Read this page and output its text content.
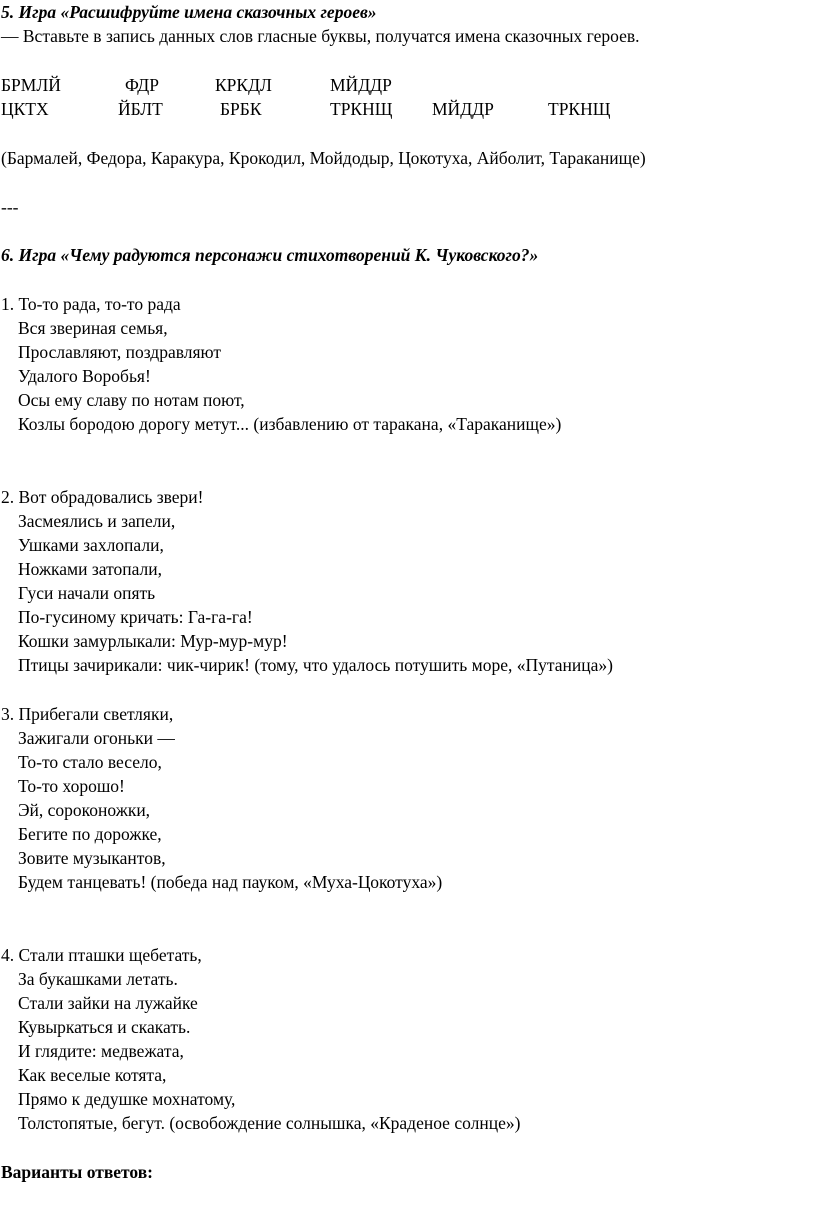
5. Игра «Расшифруйте имена сказочных героев»
— Вставьте в запись данных слов гласные буквы, получатся имена сказочных героев.
БРМЛЙ	ФДР	КРКДЛ	МЙДДР
ЦКТХ	ЙБЛТ	БРБК	ТРКНЩ МЙДДР	ТРКНЩ
(Бармалей, Федора, Каракура, Крокодил, Мойдодыр, Цокотуха, Айболит, Тараканище)
---
6. Игра «Чему радуются персонажи стихотворений К. Чуковского?»
1. То-то рада, то-то рада
Вся звериная семья,
Прославляют, поздравляют
Удалого Воробья!
Осы ему славу по нотам поют,
Козлы бородою дорогу метут... (избавлению от таракана, «Тараканище»)
2. Вот обрадовались звери!
Засмеялись и запели,
Ушками захлопали,
Ножками затопали,
Гуси начали опять
По-гусиному кричать: Га-га-га!
Кошки замурлыкали: Мур-мур-мур!
Птицы зачирикали: чик-чирик! (тому, что удалось потушить море, «Путаница»)
3. Прибегали светляки,
Зажигали огоньки —
То-то стало весело,
То-то хорошо!
Эй, сороконожки,
Бегите по дорожке,
Зовите музыкантов,
Будем танцевать! (победа над пауком, «Муха-Цокотуха»)
4. Стали пташки щебетать,
За букашками летать.
Стали зайки на лужайке
Кувыркаться и скакать.
И глядите: медвежата,
Как веселые котята,
Прямо к дедушке мохнатому,
Толстопятые, бегут. (освобождение солнышка, «Краденое солнце»)
Варианты ответов:
